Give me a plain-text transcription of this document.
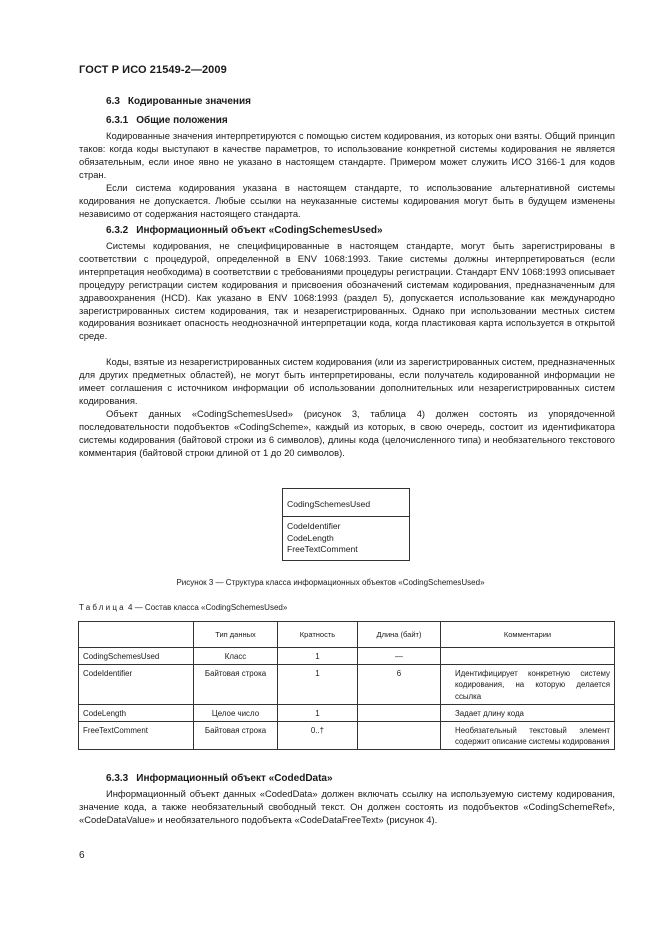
ГОСТ Р ИСО 21549-2—2009
6.3 Кодированные значения
6.3.1 Общие положения

Кодированные значения интерпретируются с помощью систем кодирования, из которых они взяты. Общий принцип таков: когда коды выступают в качестве параметров, то использование конкретной системы кодирования не является обязательным, если иное явно не указано в настоящем стандарте. Примером может служить ИСО 3166-1 для кодов стран.

Если система кодирования указана в настоящем стандарте, то использование альтернативной системы кодирования не допускается. Любые ссылки на неуказанные системы кодирования могут быть в будущем изменены независимо от содержания настоящего стандарта.

6.3.2 Информационный объект «CodingSchemesUsed»

Системы кодирования, не специфицированные в настоящем стандарте, могут быть зарегистрированы в соответствии с процедурой, определенной в ENV 1068:1993. Такие системы должны интерпретироваться (если интерпретация необходима) в соответствии с требованиями процедуры регистрации. Стандарт ENV 1068:1993 описывает процедуру регистрации систем кодирования и присвоения обозначений системам кодирования, предназначенным для здравоохранения (HCD). Как указано в ENV 1068:1993 (раздел 5), допускается использование как международно зарегистрированных систем кодирования, так и незарегистрированных. Однако при использовании местных систем кодирования возникает опасность неоднозначной интерпретации кода, когда пластиковая карта используется в открытой среде.

Коды, взятые из незарегистрированных систем кодирования (или из зарегистрированных систем, предназначенных для других предметных областей), не могут быть интерпретированы, если получатель кодированной информации не имеет соглашения с источником информации об использовании дополнительных или незарегистрированных систем кодирования.

Объект данных «CodingSchemesUsed» (рисунок 3, таблица 4) должен состоять из упорядоченной последовательности подобъектов «CodingScheme», каждый из которых, в свою очередь, состоит из идентификатора системы кодирования (байтовой строки из 6 символов), длины кода (целочисленного типа) и необязательного текстового комментария (байтовой строки длиной от 1 до 20 символов).

CodingSchemesUsed
CodeIdentifier
CodeLength
FreeTextComment
Рисунок 3 — Структура класса информационных объектов «CodingSchemesUsed»
Таблица 4 — Состав класса «CodingSchemesUsed»
	Тип данных	Кратность	Длина (байт)	Комментарии
CodingSchemesUsed	Класс	1	—	
CodeIdentifier	Байтовая строка	1	6	Идентифицирует конкретную систему кодирования, на которую делается ссылка
CodeLength	Целое число	1		Задает длину кода
FreeTextComment	Байтовая строка	0..†		Необязательный текстовый элемент содержит описание системы кодирования
6.3.3 Информационный объект «CodedData»

Информационный объект данных «CodedData» должен включать ссылку на используемую систему кодирования, значение кода, а также необязательный свободный текст. Он должен состоять из подобъектов «CodingSchemeRef», «CodeDataValue» и необязательного подобъекта «CodeDataFreeText» (рисунок 4).

6
